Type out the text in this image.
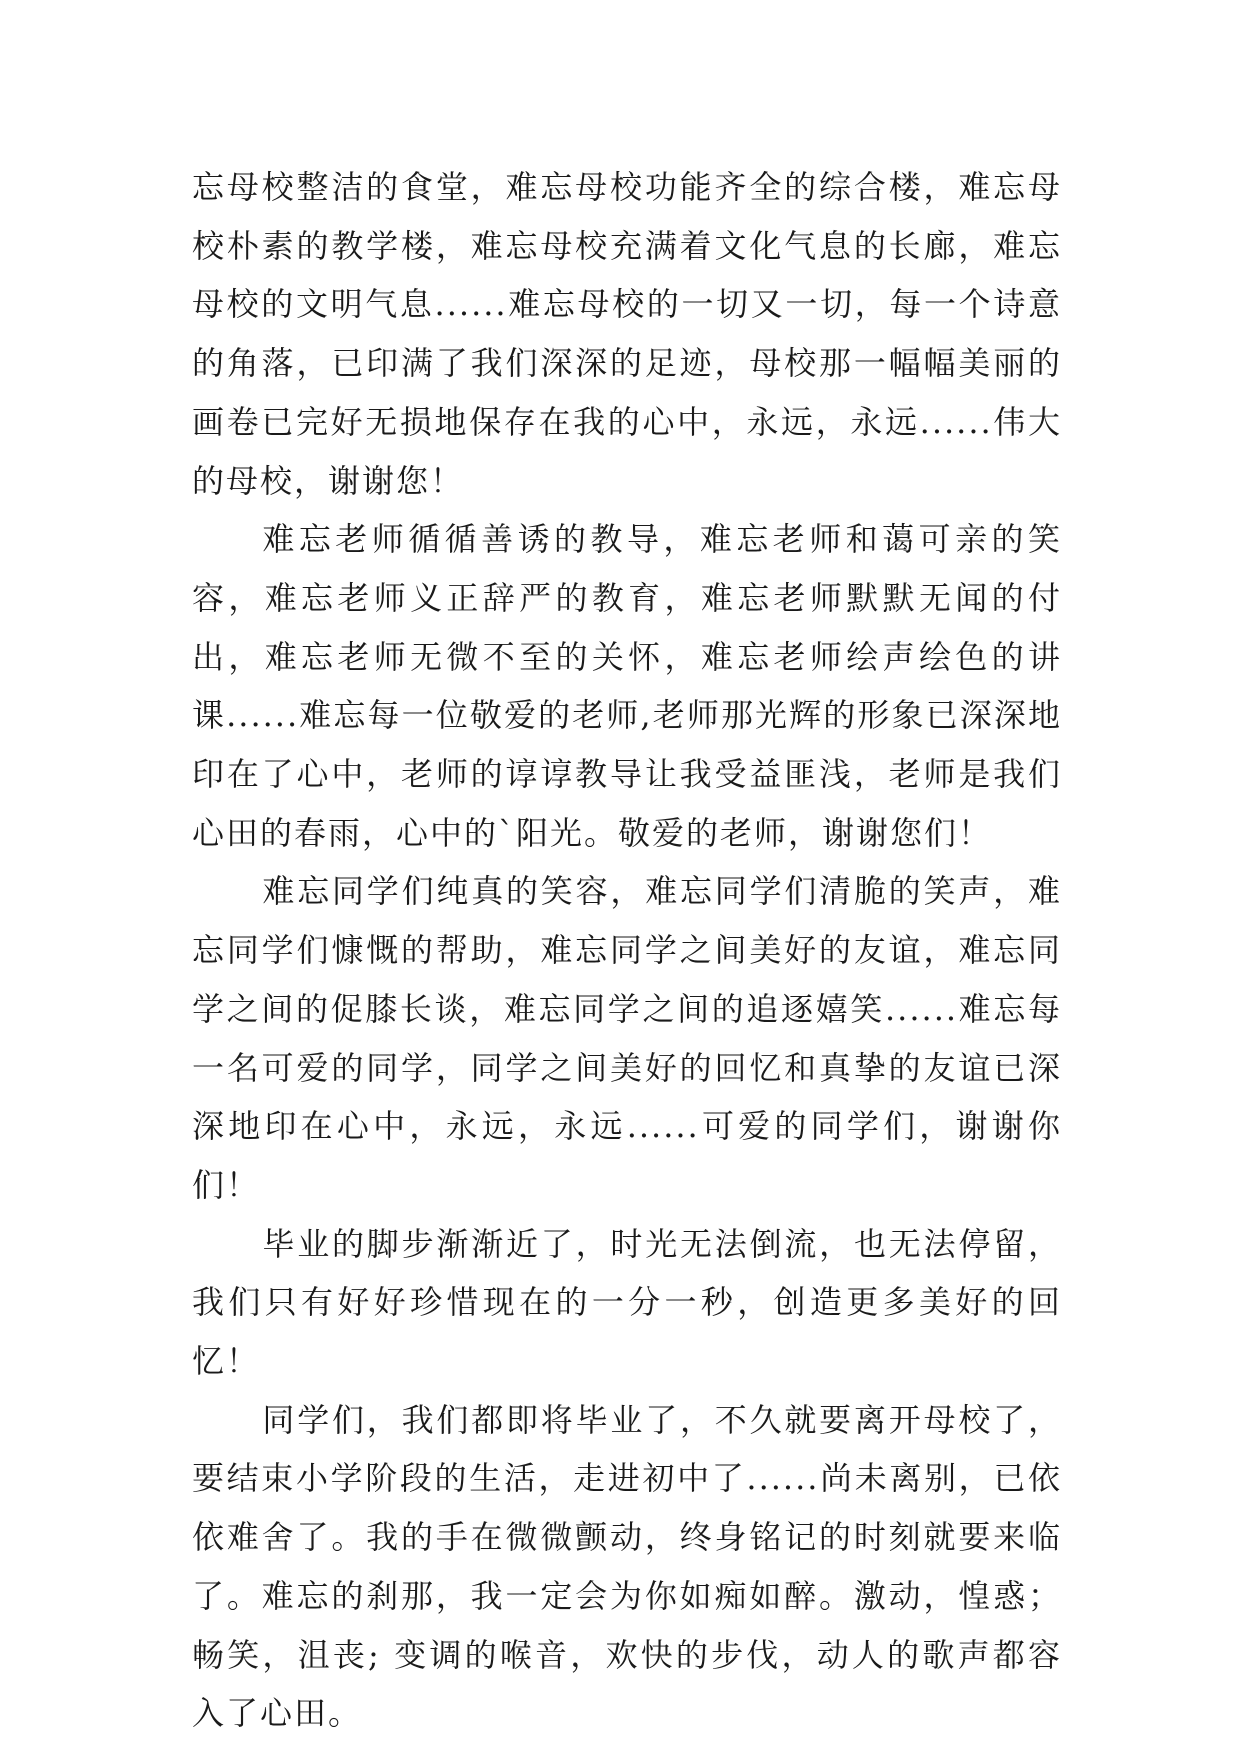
忘母校整洁的食堂，难忘母校功能齐全的综合楼，难忘母校朴素的教学楼，难忘母校充满着文化气息的长廊，难忘母校的文明气息......难忘母校的一切又一切，每一个诗意的角落，已印满了我们深深的足迹，母校那一幅幅美丽的画卷已完好无损地保存在我的心中，永远，永远......伟大的母校，谢谢您！

难忘老师循循善诱的教导，难忘老师和蔼可亲的笑容，难忘老师义正辞严的教育，难忘老师默默无闻的付出，难忘老师无微不至的关怀，难忘老师绘声绘色的讲课......难忘每一位敬爱的老师,老师那光辉的形象已深深地印在了心中，老师的谆谆教导让我受益匪浅，老师是我们心田的春雨，心中的`阳光。敬爱的老师，谢谢您们！

难忘同学们纯真的笑容，难忘同学们清脆的笑声，难忘同学们慷慨的帮助，难忘同学之间美好的友谊，难忘同学之间的促膝长谈，难忘同学之间的追逐嬉笑......难忘每一名可爱的同学，同学之间美好的回忆和真挚的友谊已深深地印在心中，永远，永远......可爱的同学们，谢谢你们！

毕业的脚步渐渐近了，时光无法倒流，也无法停留，我们只有好好珍惜现在的一分一秒，创造更多美好的回忆！

同学们，我们都即将毕业了，不久就要离开母校了，要结束小学阶段的生活，走进初中了......尚未离别，已依依难舍了。我的手在微微颤动，终身铭记的时刻就要来临了。难忘的刹那，我一定会为你如痴如醉。激动，惶惑；畅笑，沮丧; 变调的喉音，欢快的步伐，动人的歌声都容入了心田。
